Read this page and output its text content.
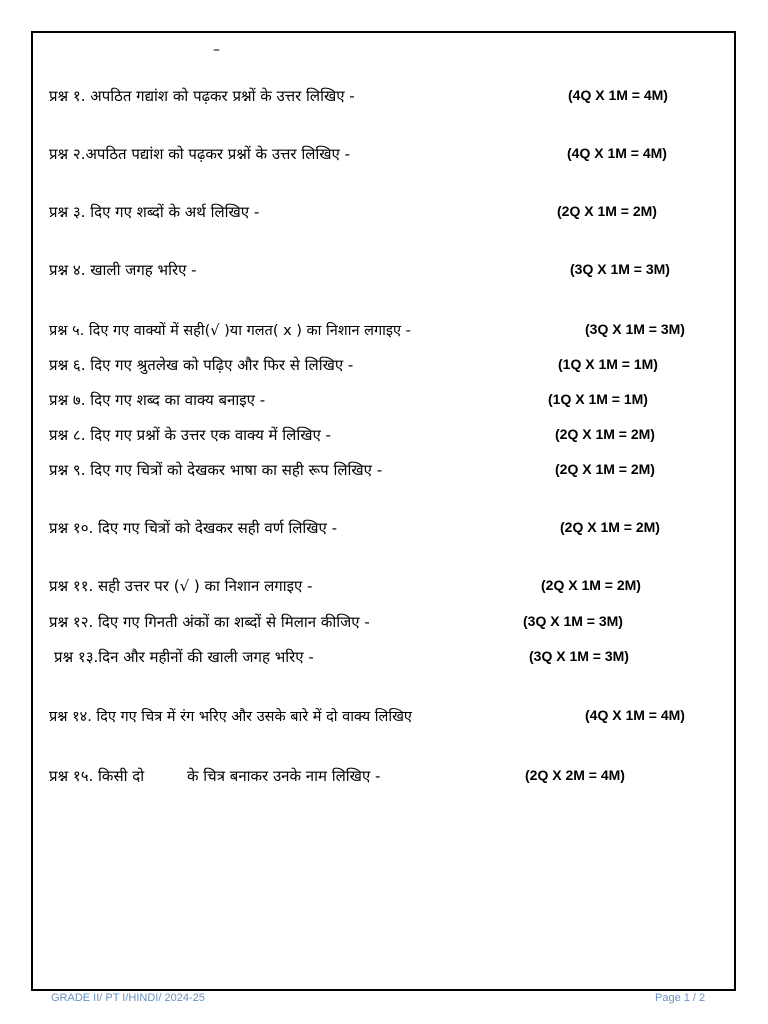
–
प्रश्न १. अपठित गद्यांश को पढ़कर प्रश्नों के उत्तर लिखिए -	(4Q X 1M = 4M)
प्रश्न २.अपठित पद्यांश को पढ़कर प्रश्नों के उत्तर लिखिए -	(4Q X 1M = 4M)
प्रश्न ३. दिए गए शब्दों के अर्थ लिखिए -	(2Q X 1M = 2M)
प्रश्न ४. खाली जगह भरिए -	(3Q X 1M = 3M)
प्रश्न ५. दिए गए वाक्यों में सही(√ )या गलत( x ) का निशान लगाइए -	(3Q X 1M = 3M)
प्रश्न ६. दिए गए श्रुतलेख को पढ़िए और फिर से लिखिए -	(1Q X 1M = 1M)
प्रश्न ७. दिए गए शब्द का वाक्य बनाइए -	(1Q X 1M = 1M)
प्रश्न ८. दिए गए प्रश्नों के उत्तर एक वाक्य में लिखिए -	(2Q X 1M = 2M)
प्रश्न ९. दिए गए चित्रों को देखकर भाषा का सही रूप लिखिए -	(2Q X 1M = 2M)
प्रश्न १०. दिए गए चित्रों को देखकर सही वर्ण लिखिए -	(2Q X 1M = 2M)
प्रश्न ११. सही उत्तर पर (√ ) का निशान लगाइए -	(2Q X 1M = 2M)
प्रश्न १२. दिए गए गिनती अंकों का शब्दों से मिलान कीजिए -	(3Q X 1M = 3M)
प्रश्न १३.दिन और महीनों की खाली जगह भरिए -	(3Q X 1M = 3M)
प्रश्न १४. दिए गए चित्र में रंग भरिए और उसके बारे में दो वाक्य लिखिए	(4Q X 1M = 4M)
प्रश्न १५. किसी दो         के चित्र बनाकर उनके नाम लिखिए -	(2Q X 2M = 4M)
GRADE II/ PT I/HINDI/ 2024-25	Page 1 / 2
